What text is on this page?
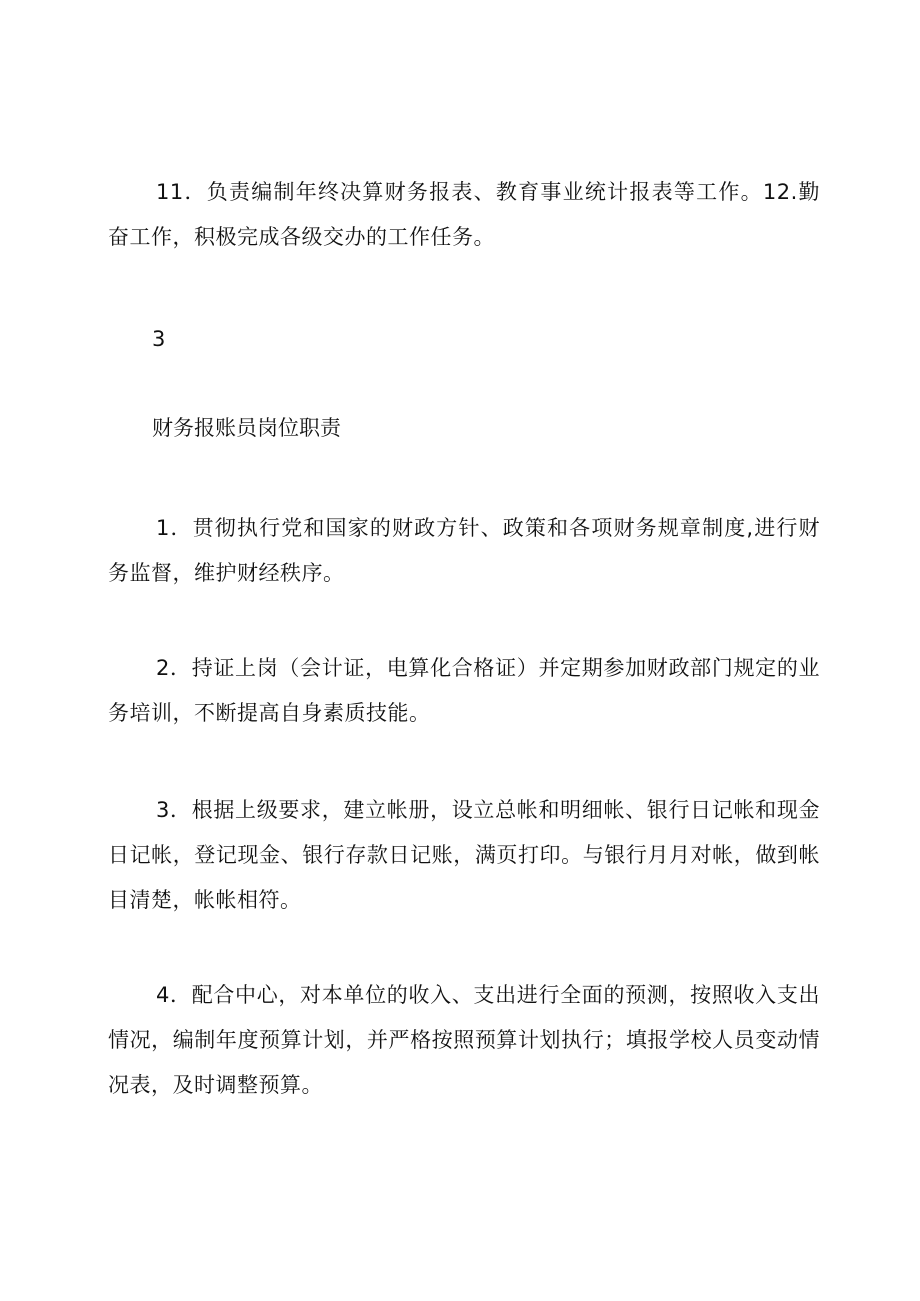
11．负责编制年终决算财务报表、教育事业统计报表等工作。12.勤奋工作，积极完成各级交办的工作任务。

3

财务报账员岗位职责

1．贯彻执行党和国家的财政方针、政策和各项财务规章制度,进行财务监督，维护财经秩序。

2．持证上岗（会计证，电算化合格证）并定期参加财政部门规定的业务培训，不断提高自身素质技能。

3．根据上级要求，建立帐册，设立总帐和明细帐、银行日记帐和现金日记帐，登记现金、银行存款日记账，满页打印。与银行月月对帐，做到帐目清楚，帐帐相符。

4．配合中心，对本单位的收入、支出进行全面的预测，按照收入支出情况，编制年度预算计划，并严格按照预算计划执行；填报学校人员变动情况表，及时调整预算。
